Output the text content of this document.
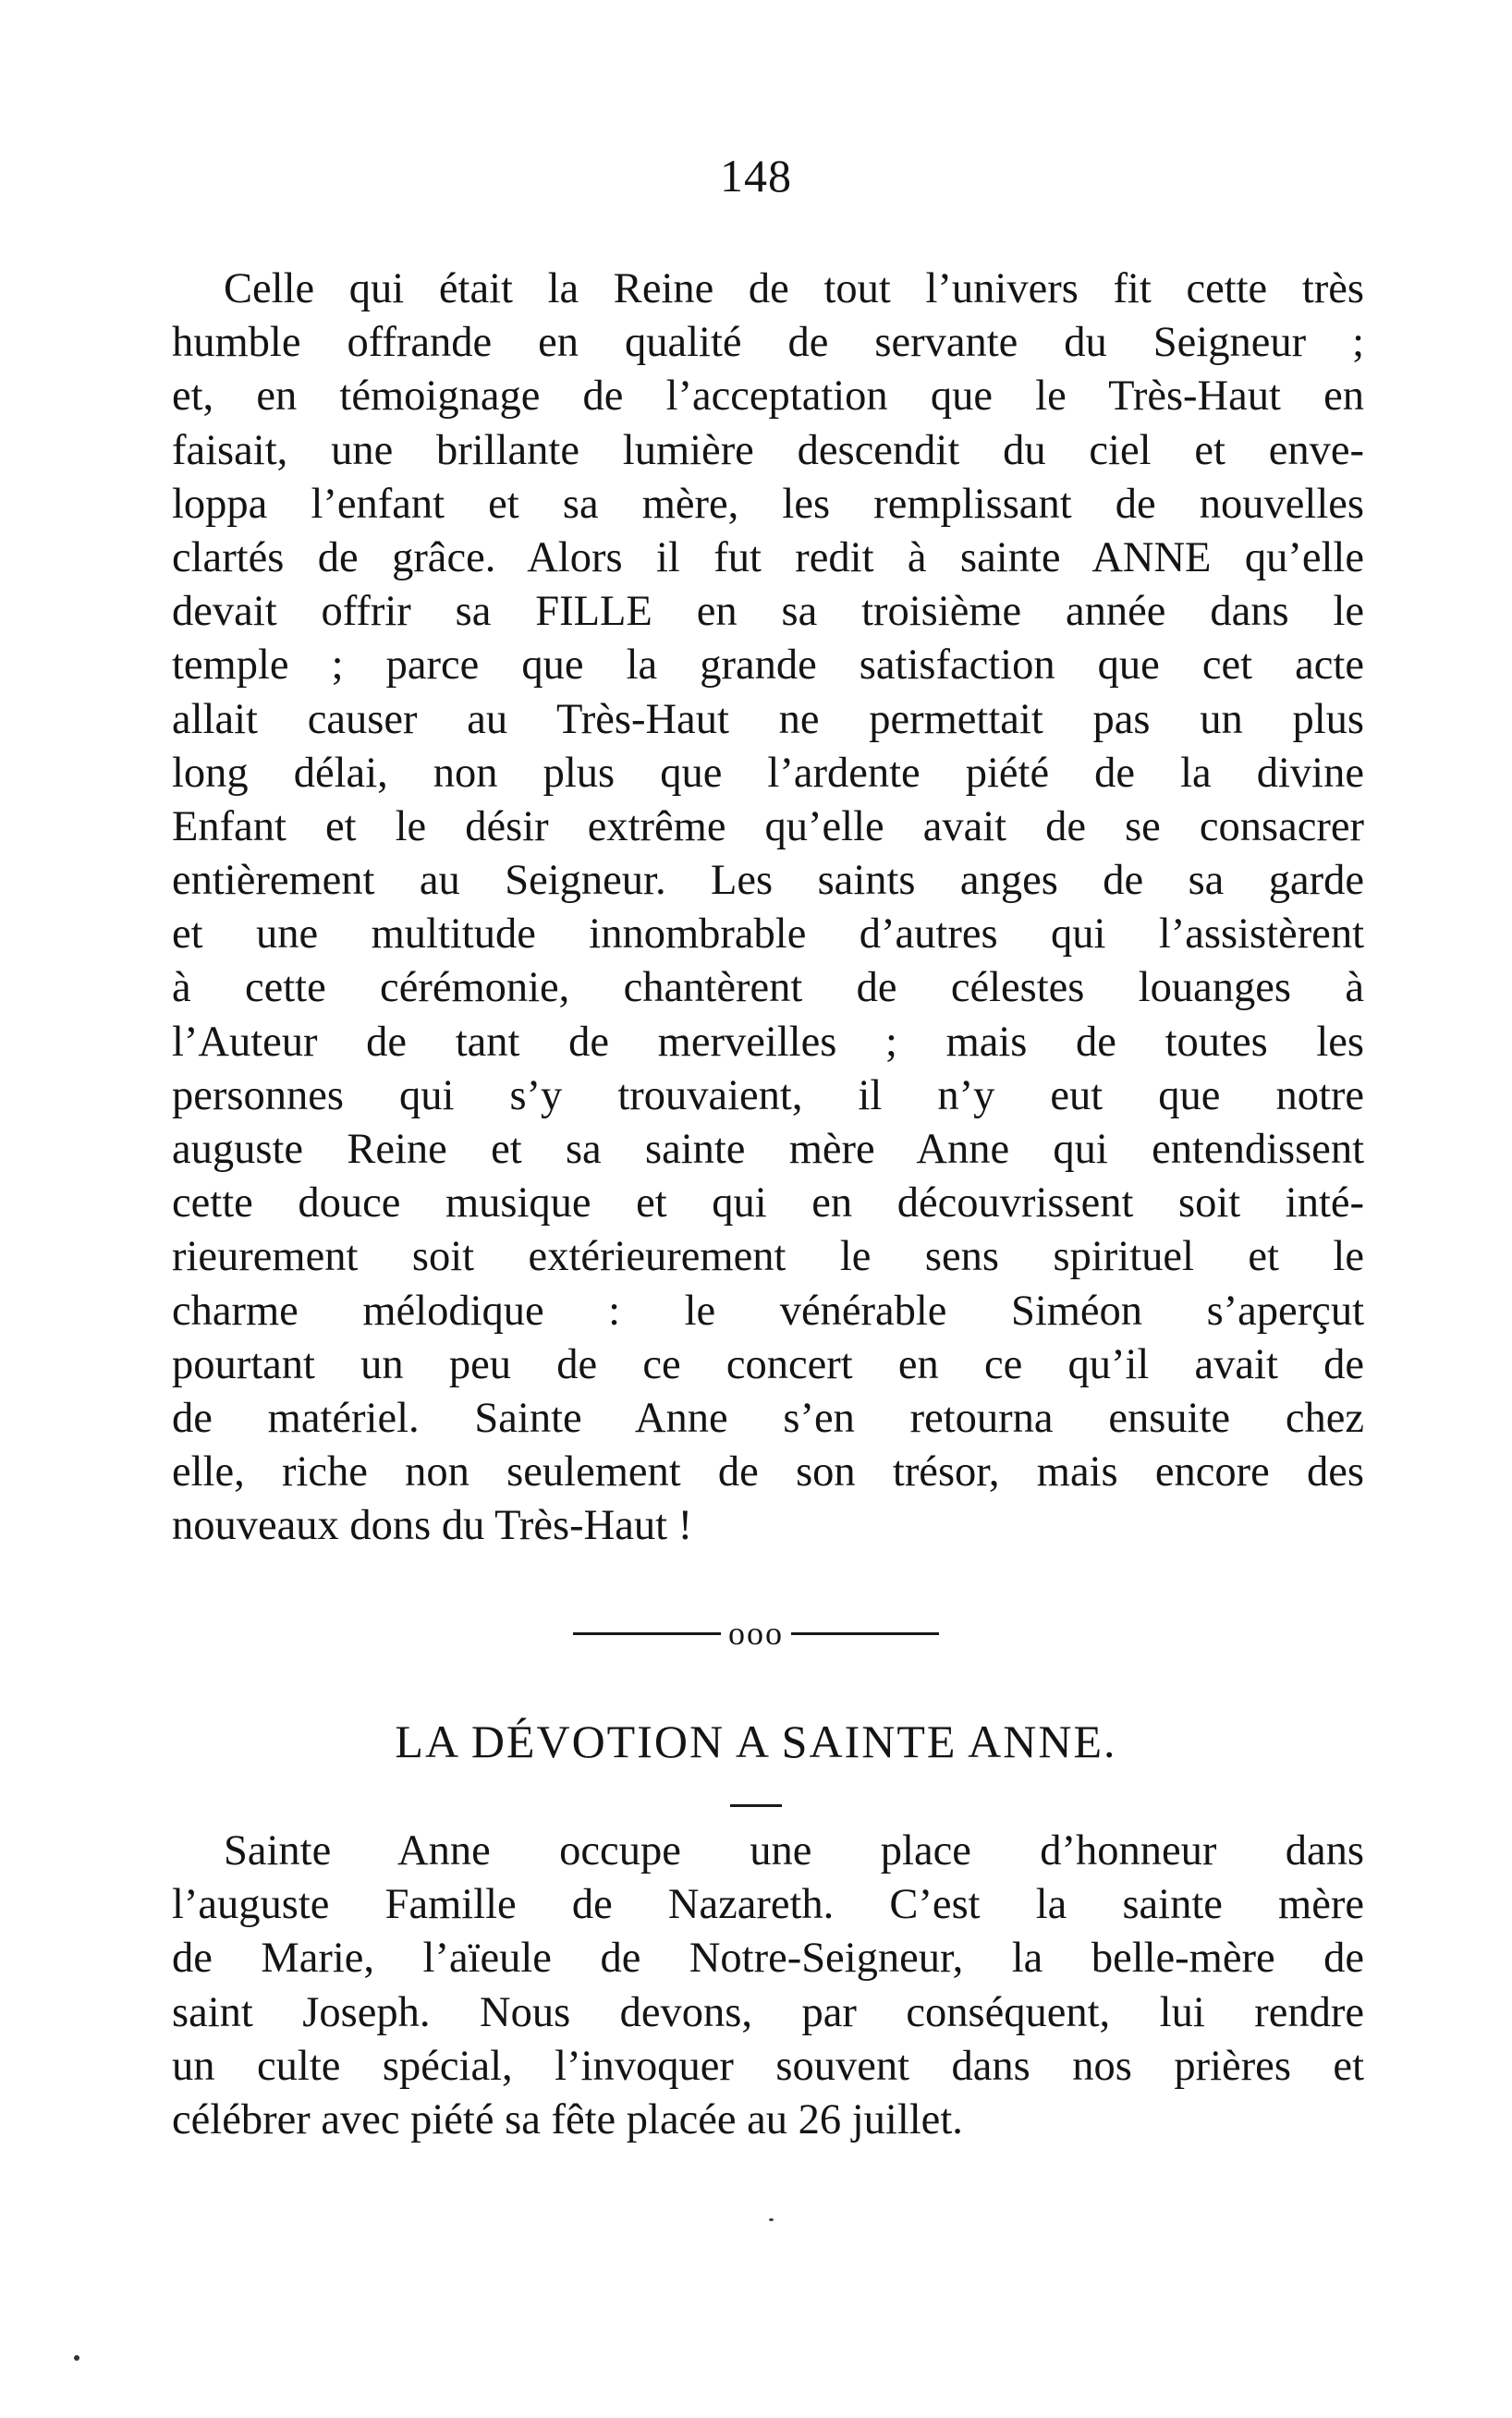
148
Celle qui était la Reine de tout l’univers fit cette très
humble offrande en qualité de servante du Seigneur ;
et, en témoignage de l’acceptation que le Très-Haut en
faisait, une brillante lumière descendit du ciel et enve-
loppa l’enfant et sa mère, les remplissant de nouvelles
clartés de grâce. Alors il fut redit à sainte ANNE qu’elle
devait offrir sa FILLE en sa troisième année dans le
temple ; parce que la grande satisfaction que cet acte
allait causer au Très-Haut ne permettait pas un plus
long délai, non plus que l’ardente piété de la divine
Enfant et le désir extrême qu’elle avait de se consacrer
entièrement au Seigneur. Les saints anges de sa garde
et une multitude innombrable d’autres qui l’assistèrent
à cette cérémonie, chantèrent de célestes louanges à
l’Auteur de tant de merveilles ; mais de toutes les
personnes qui s’y trouvaient, il n’y eut que notre
auguste Reine et sa sainte mère Anne qui entendissent
cette douce musique et qui en découvrissent soit inté-
rieurement soit extérieurement le sens spirituel et le
charme mélodique : le vénérable Siméon s’aperçut
pourtant un peu de ce concert en ce qu’il avait de
de matériel. Sainte Anne s’en retourna ensuite chez
elle, riche non seulement de son trésor, mais encore des
nouveaux dons du Très-Haut !
ooo
LA DÉVOTION A SAINTE ANNE.
Sainte Anne occupe une place d’honneur dans
l’auguste Famille de Nazareth. C’est la sainte mère
de Marie, l’aïeule de Notre-Seigneur, la belle-mère de
saint Joseph. Nous devons, par conséquent, lui rendre
un culte spécial, l’invoquer souvent dans nos prières et
célébrer avec piété sa fête placée au 26 juillet.
